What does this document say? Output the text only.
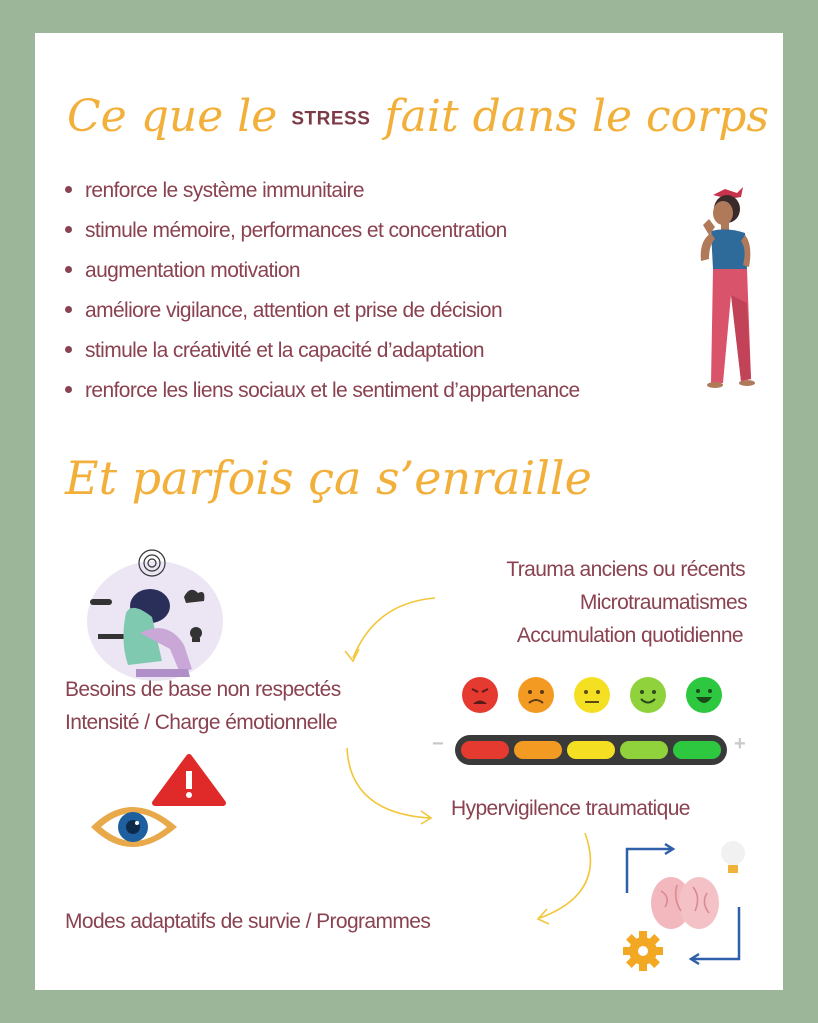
Ce que le STRESS fait dans le corps
renforce le système immunitaire
stimule mémoire, performances et concentration
augmentation motivation
améliore vigilance, attention et prise de décision
stimule la créativité et la capacité d’adaptation
renforce les liens sociaux et le sentiment d’appartenance
Et parfois ça s’enraille
Besoins de base non respectés
Intensité / Charge émotionnelle
Trauma anciens ou récents
Microtraumatismes
Accumulation quotidienne
−	+
Hypervigilence traumatique
Modes adaptatifs de survie / Programmes
